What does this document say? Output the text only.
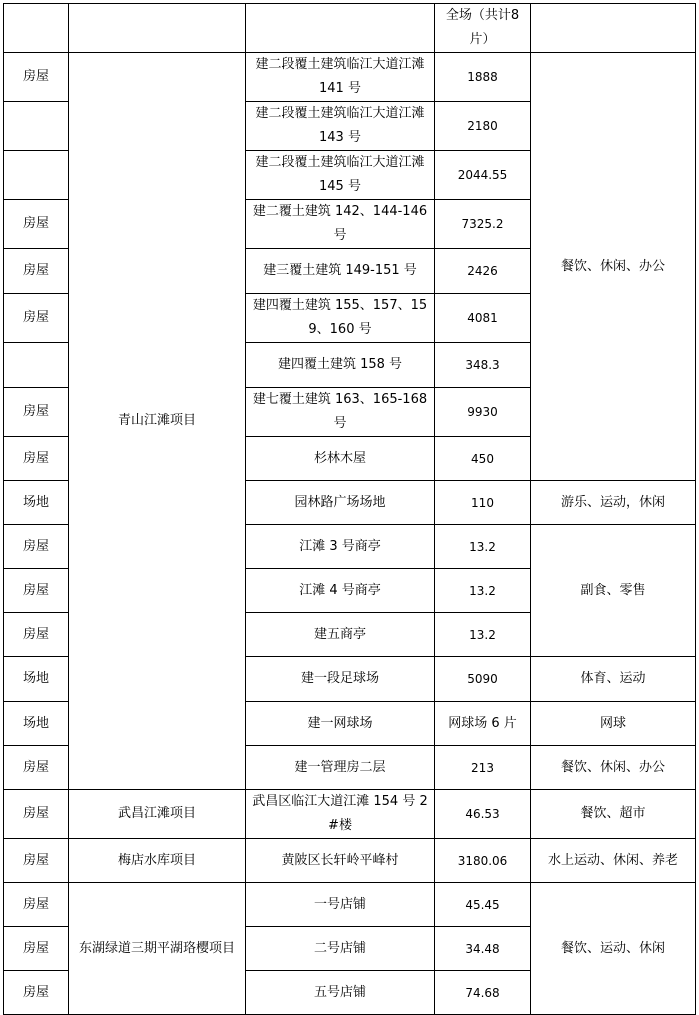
			全场（共计8片）	
房屋	青山江滩项目	建二段覆土建筑临江大道江滩 141 号	1888	餐饮、休闲、办公
		建二段覆土建筑临江大道江滩 143 号	2180	
		建二段覆土建筑临江大道江滩 145 号	2044.55	
房屋		建二覆土建筑 142、144-146 号	7325.2	
房屋		建三覆土建筑 149-151 号	2426	
房屋		建四覆土建筑 155、157、159、160 号	4081	
		建四覆土建筑 158 号	348.3	
房屋		建七覆土建筑 163、165-168 号	9930	
房屋		杉林木屋	450	
场地		园林路广场场地	110	游乐、运动，休闲
房屋		江滩 3 号商亭	13.2	副食、零售
房屋		江滩 4 号商亭	13.2	
房屋		建五商亭	13.2	
场地		建一段足球场	5090	体育、运动
场地		建一网球场	网球场 6 片	网球
房屋		建一管理房二层	213	餐饮、休闲、办公
房屋	武昌江滩项目	武昌区临江大道江滩 154 号 2#楼	46.53	餐饮、超市
房屋	梅店水库项目	黄陂区长轩岭平峰村	3180.06	水上运动、休闲、养老
房屋	东湖绿道三期平湖珞樱项目	一号店铺	45.45	餐饮、运动、休闲
房屋		二号店铺	34.48	
房屋		五号店铺	74.68	
